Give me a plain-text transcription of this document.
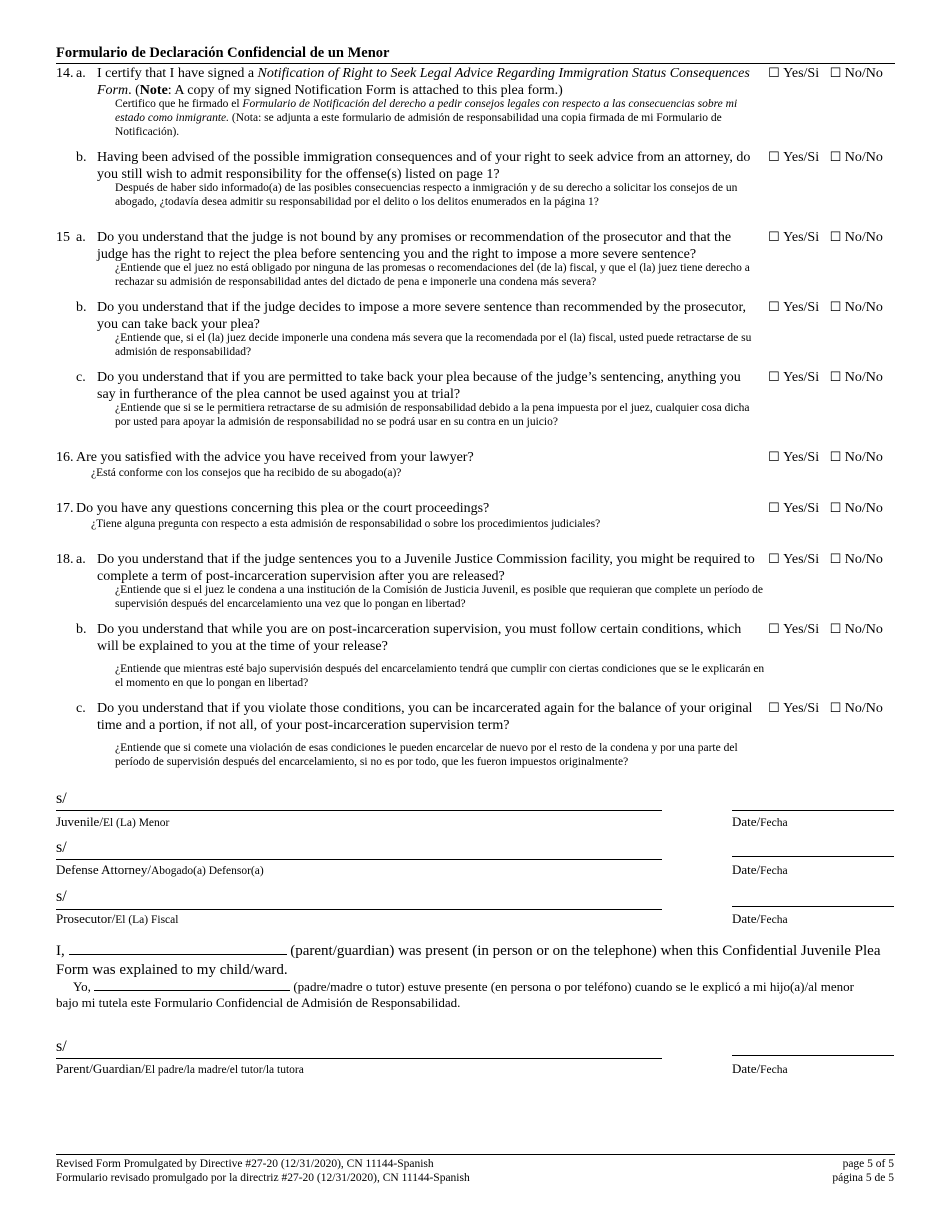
Formulario de Declaración Confidencial de un Menor
14. a. I certify that I have signed a Notification of Right to Seek Legal Advice Regarding Immigration Status Consequences Form. (Note: A copy of my signed Notification Form is attached to this plea form.)
Certifico que he firmado el Formulario de Notificación del derecho a pedir consejos legales con respecto a las consecuencias sobre mi estado como inmigrante. (Nota: se adjunta a este formulario de admisión de responsabilidad una copia firmada de mi Formulario de Notificación).
☐ Yes/Si ☐ No/No
b. Having been advised of the possible immigration consequences and of your right to seek advice from an attorney, do you still wish to admit responsibility for the offense(s) listed on page 1?
Después de haber sido informado(a) de las posibles consecuencias respecto a inmigración y de su derecho a solicitar los consejos de un abogado, ¿todavía desea admitir su responsabilidad por el delito o los delitos enumerados en la página 1?
☐ Yes/Si ☐ No/No
15 a. Do you understand that the judge is not bound by any promises or recommendation of the prosecutor and that the judge has the right to reject the plea before sentencing you and the right to impose a more severe sentence?
¿Entiende que el juez no está obligado por ninguna de las promesas o recomendaciones del (de la) fiscal, y que el (la) juez tiene derecho a rechazar su admisión de responsabilidad antes del dictado de pena e imponerle una condena más severa?
☐ Yes/Si ☐ No/No
b. Do you understand that if the judge decides to impose a more severe sentence than recommended by the prosecutor, you can take back your plea?
¿Entiende que, si el (la) juez decide imponerle una condena más severa que la recomendada por el (la) fiscal, usted puede retractarse de su admisión de responsabilidad?
☐ Yes/Si ☐ No/No
c. Do you understand that if you are permitted to take back your plea because of the judge’s sentencing, anything you say in furtherance of the plea cannot be used against you at trial?
¿Entiende que si se le permitiera retractarse de su admisión de responsabilidad debido a la pena impuesta por el juez, cualquier cosa dicha por usted para apoyar la admisión de responsabilidad no se podrá usar en su contra en un juicio?
☐ Yes/Si ☐ No/No
16. Are you satisfied with the advice you have received from your lawyer?
¿Está conforme con los consejos que ha recibido de su abogado(a)?
☐ Yes/Si ☐ No/No
17. Do you have any questions concerning this plea or the court proceedings?
¿Tiene alguna pregunta con respecto a esta admisión de responsabilidad o sobre los procedimientos judiciales?
☐ Yes/Si ☐ No/No
18. a. Do you understand that if the judge sentences you to a Juvenile Justice Commission facility, you might be required to complete a term of post-incarceration supervision after you are released?
¿Entiende que si el juez le condena a una institución de la Comisión de Justicia Juvenil, es posible que requieran que complete un período de supervisión después del encarcelamiento una vez que lo pongan en libertad?
☐ Yes/Si ☐ No/No
b. Do you understand that while you are on post-incarceration supervision, you must follow certain conditions, which will be explained to you at the time of your release?
¿Entiende que mientras esté bajo supervisión después del encarcelamiento tendrá que cumplir con ciertas condiciones que se le explicarán en el momento en que lo pongan en libertad?
☐ Yes/Si ☐ No/No
c. Do you understand that if you violate those conditions, you can be incarcerated again for the balance of your original time and a portion, if not all, of your post-incarceration supervision term?
¿Entiende que si comete una violación de esas condiciones le pueden encarcelar de nuevo por el resto de la condena y por una parte del período de supervisión después del encarcelamiento, si no es por todo, que les fueron impuestos originalmente?
☐ Yes/Si ☐ No/No
s/
Juvenile/El (La) Menor	Date/Fecha
s/
Defense Attorney/Abogado(a) Defensor(a)	Date/Fecha
s/
Prosecutor/El (La) Fiscal	Date/Fecha
I,	(parent/guardian) was present (in person or on the telephone) when this Confidential Juvenile Plea Form was explained to my child/ward.
Yo,	(padre/madre o tutor) estuve presente (en persona o por teléfono) cuando se le explicó a mi hijo(a)/al menor bajo mi tutela este Formulario Confidencial de Admisión de Responsabilidad.
s/
Parent/Guardian/El padre/la madre/el tutor/la tutora	Date/Fecha
Revised Form Promulgated by Directive #27-20 (12/31/2020), CN 11144-Spanish
Formulario revisado promulgado por la directriz #27-20 (12/31/2020), CN 11144-Spanish
page 5 of 5
página 5 de 5
